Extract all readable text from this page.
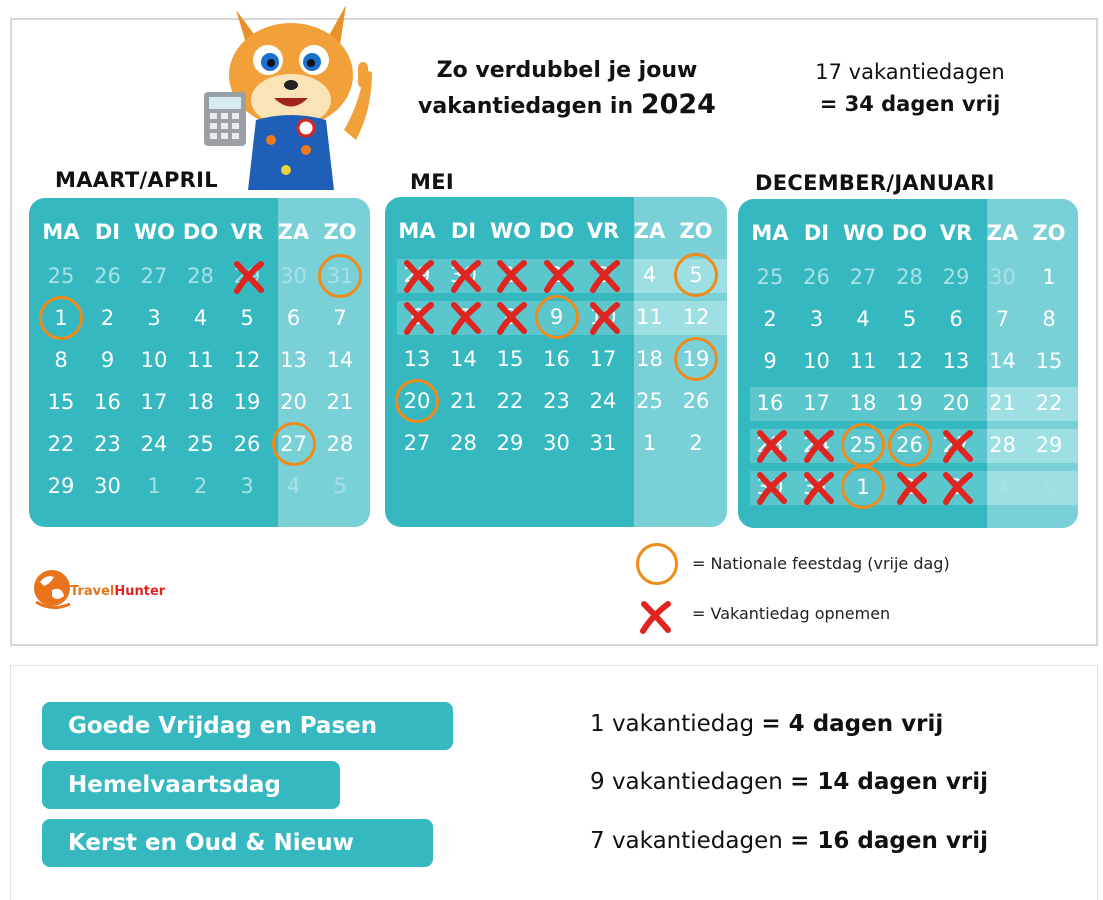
Zo verdubbel je jouw
vakantiedagen in 2024
17 vakantiedagen
= 34 dagen vrij
MAART/APRIL	MEI	DECEMBER/JANUARI
MA DI WO DO VR ZA ZO
25 26 27 28 29 30 31
1	2	3	4	5	6	7
8	9	10 11 12 13 14
15 16 17 18 19 20 21
22 23 24 25 26 27 28
29 30	1	2	3	4	5
MA DI WO DO VR ZA ZO
29 30	1	2	3	4	5
6	7	8	9	10 11 12
13 14 15 16 17 18 19
20 21 22 23 24 25 26
27 28 29 30 31	1	2
MA DI WO DO VR ZA ZO
25 26 27 28 29 30	1
2	3	4	5	6	7	8
9	10 11 12 13 14 15
16 17 18 19 20 21 22
23 24 25 26 27 28 29
30 31	1	2	3	4	5
= Nationale feestdag (vrije dag)
= Vakantiedag opnemen
TravelHunter
Goede Vrijdag en Pasen
Hemelvaartsdag
Kerst en Oud & Nieuw
1 vakantiedag = 4 dagen vrij
9 vakantiedagen = 14 dagen vrij
7 vakantiedagen = 16 dagen vrij
